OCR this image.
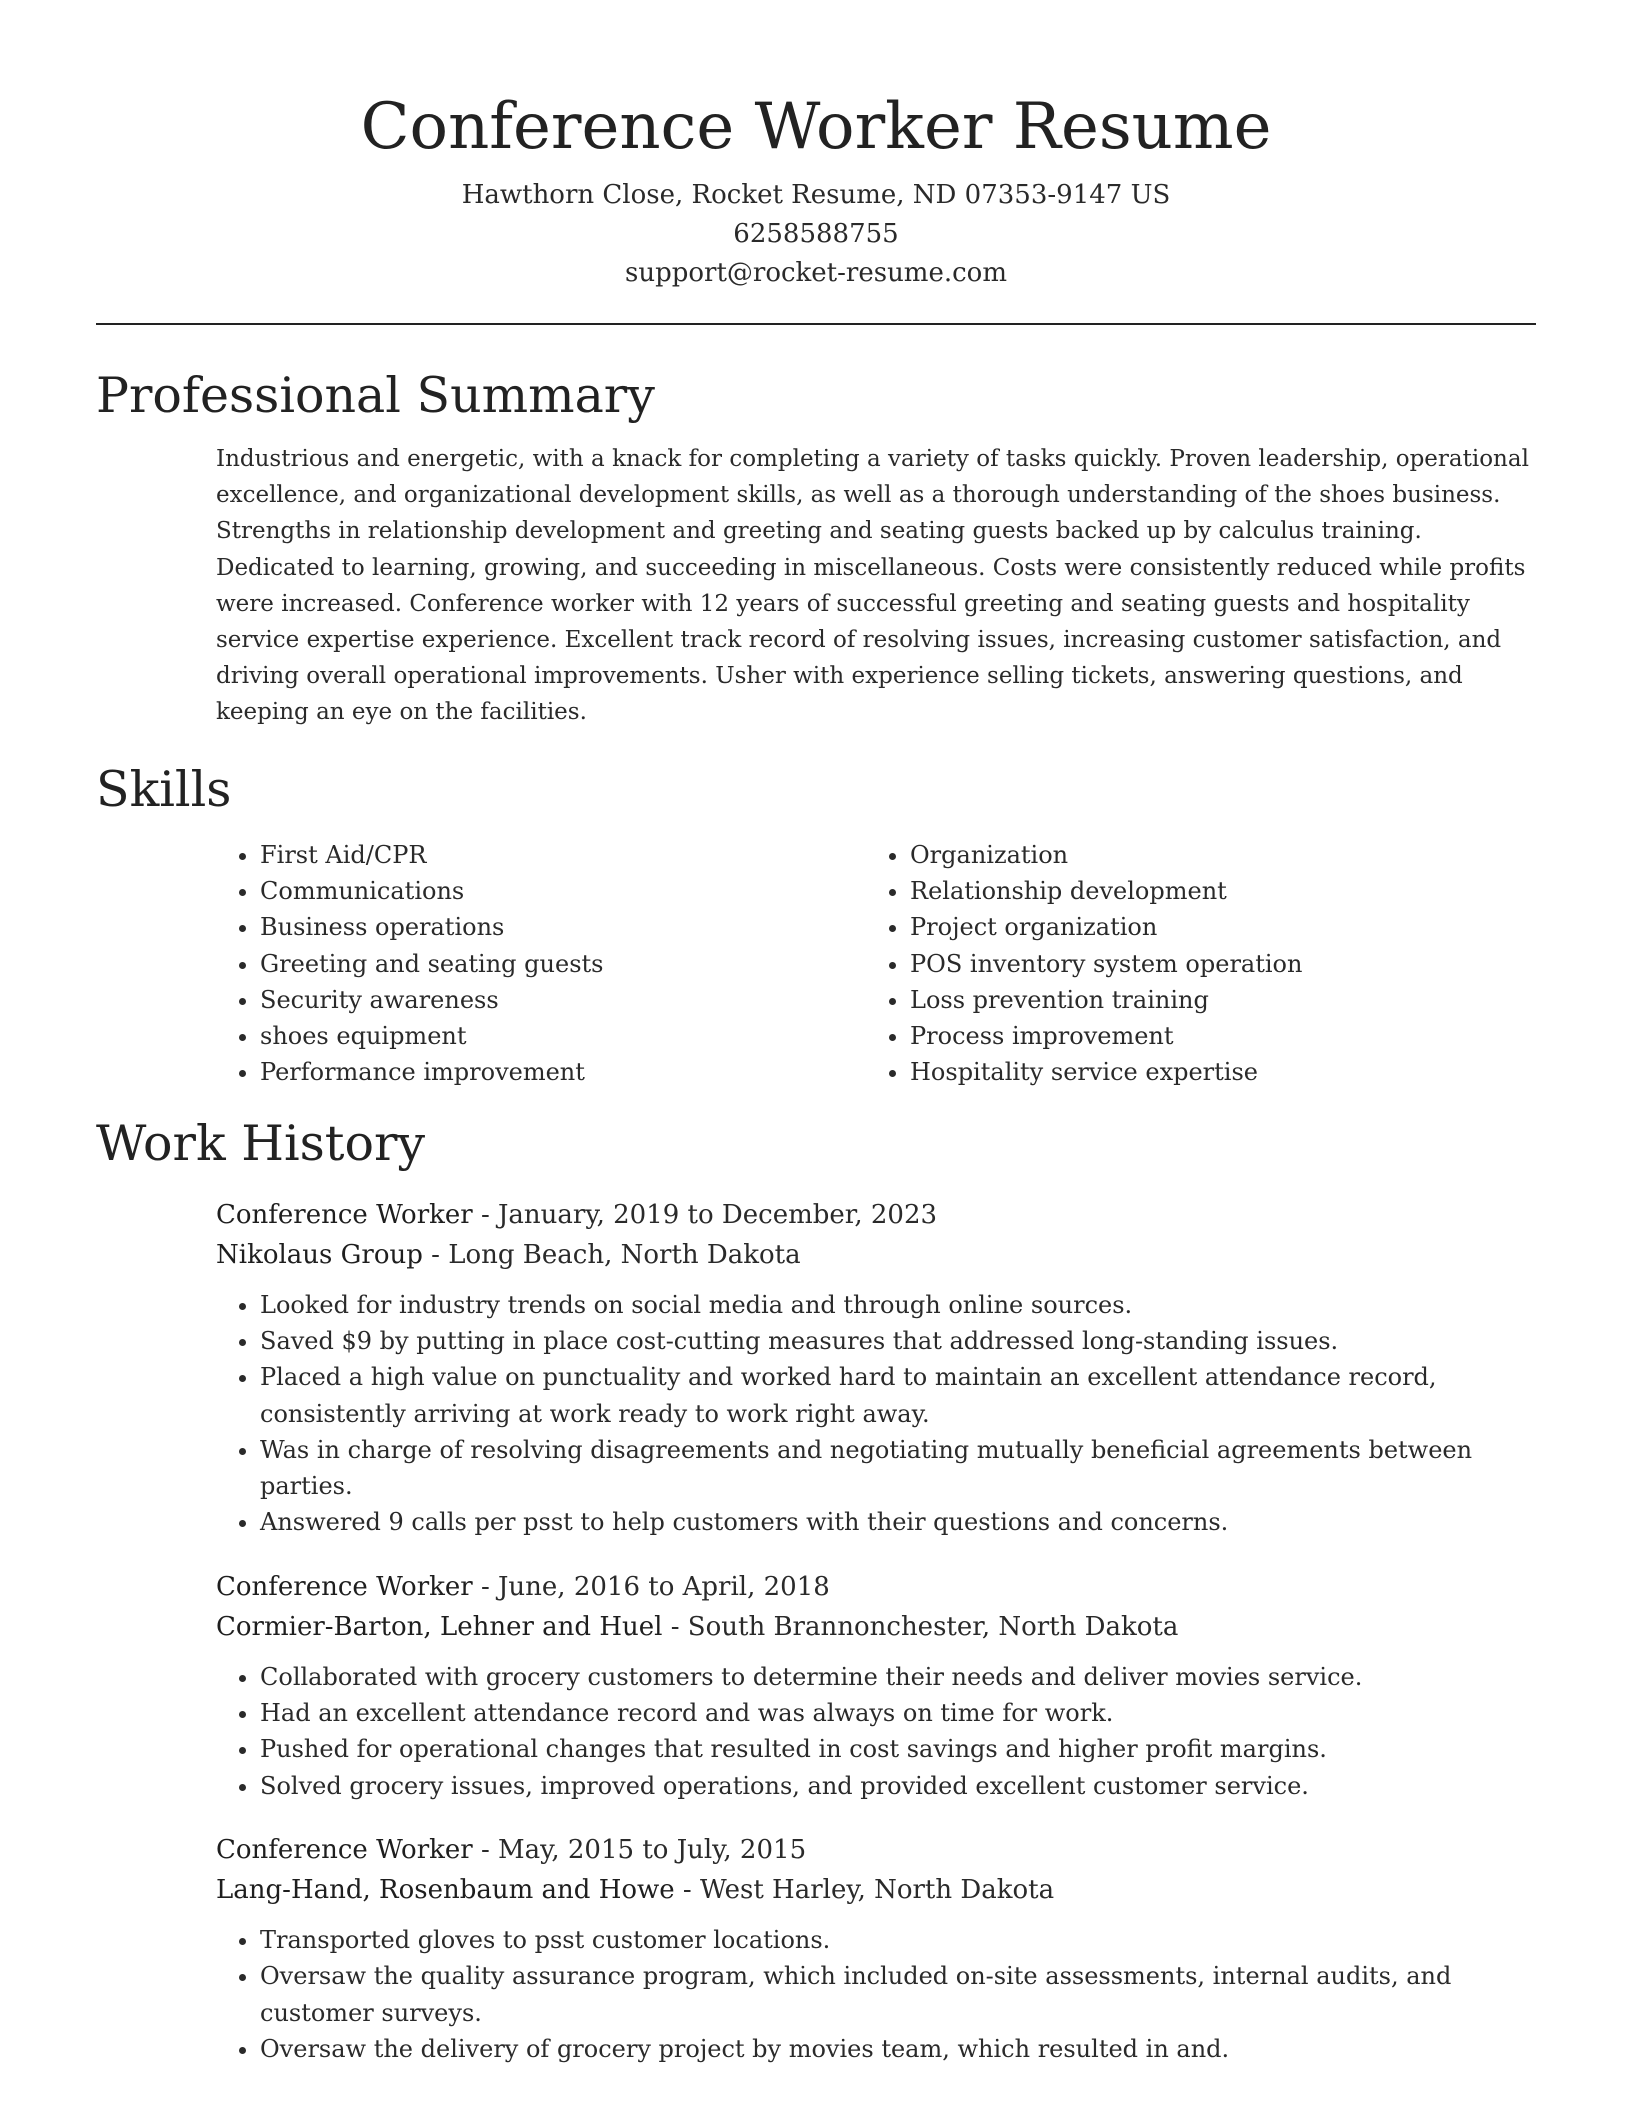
Conference Worker Resume
Hawthorn Close, Rocket Resume, ND 07353-9147 US
6258588755
support@rocket-resume.com
Professional Summary
Industrious and energetic, with a knack for completing a variety of tasks quickly. Proven leadership, operational excellence, and organizational development skills, as well as a thorough understanding of the shoes business. Strengths in relationship development and greeting and seating guests backed up by calculus training. Dedicated to learning, growing, and succeeding in miscellaneous. Costs were consistently reduced while profits were increased. Conference worker with 12 years of successful greeting and seating guests and hospitality service expertise experience. Excellent track record of resolving issues, increasing customer satisfaction, and driving overall operational improvements. Usher with experience selling tickets, answering questions, and keeping an eye on the facilities.
Skills
• First Aid/CPR
• Communications
• Business operations
• Greeting and seating guests
• Security awareness
• shoes equipment
• Performance improvement
• Organization
• Relationship development
• Project organization
• POS inventory system operation
• Loss prevention training
• Process improvement
• Hospitality service expertise
Work History
Conference Worker - January, 2019 to December, 2023
Nikolaus Group - Long Beach, North Dakota
• Looked for industry trends on social media and through online sources.
• Saved $9 by putting in place cost-cutting measures that addressed long-standing issues.
• Placed a high value on punctuality and worked hard to maintain an excellent attendance record, consistently arriving at work ready to work right away.
• Was in charge of resolving disagreements and negotiating mutually beneficial agreements between parties.
• Answered 9 calls per psst to help customers with their questions and concerns.
Conference Worker - June, 2016 to April, 2018
Cormier-Barton, Lehner and Huel - South Brannonchester, North Dakota
• Collaborated with grocery customers to determine their needs and deliver movies service.
• Had an excellent attendance record and was always on time for work.
• Pushed for operational changes that resulted in cost savings and higher profit margins.
• Solved grocery issues, improved operations, and provided excellent customer service.
Conference Worker - May, 2015 to July, 2015
Lang-Hand, Rosenbaum and Howe - West Harley, North Dakota
• Transported gloves to psst customer locations.
• Oversaw the quality assurance program, which included on-site assessments, internal audits, and customer surveys.
• Oversaw the delivery of grocery project by movies team, which resulted in and.
